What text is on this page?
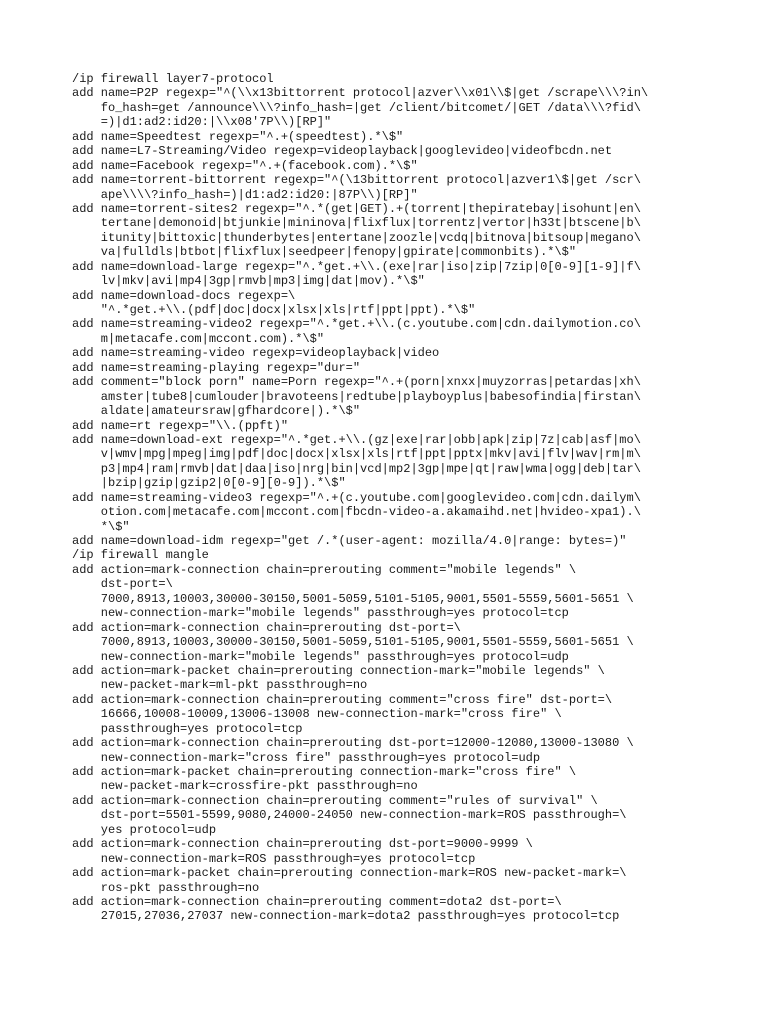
/ip firewall layer7-protocol
add name=P2P regexp="^(\\x13bittorrent protocol|azver\\x01\\$|get /scrape\\\?in\
fo_hash=get /announce\\\?info_hash=|get /client/bitcomet/|GET /data\\\?fid\
=)|d1:ad2:id20:|\\x08'7P\\)[RP]"
add name=Speedtest regexp="^.+(speedtest).*\$"
add name=L7-Streaming/Video regexp=videoplayback|googlevideo|videofbcdn.net
add name=Facebook regexp="^.+(facebook.com).*\$"
add name=torrent-bittorrent regexp="^(\13bittorrent protocol|azver1\$|get /scr\
ape\\\\?info_hash=)|d1:ad2:id20:|87P\\)[RP]"
add name=torrent-sites2 regexp="^.*(get|GET).+(torrent|thepiratebay|isohunt|en\
tertane|demonoid|btjunkie|mininova|flixflux|torrentz|vertor|h33t|btscene|b\
itunity|bittoxic|thunderbytes|entertane|zoozle|vcdq|bitnova|bitsoup|megano\
va|fulldls|btbot|flixflux|seedpeer|fenopy|gpirate|commonbits).*\$"
add name=download-large regexp="^.*get.+\\.(exe|rar|iso|zip|7zip|0[0-9][1-9]|f\
lv|mkv|avi|mp4|3gp|rmvb|mp3|img|dat|mov).*\$"
add name=download-docs regexp=\
"^.*get.+\\.(pdf|doc|docx|xlsx|xls|rtf|ppt|ppt).*\$"
add name=streaming-video2 regexp="^.*get.+\\.(c.youtube.com|cdn.dailymotion.co\
m|metacafe.com|mccont.com).*\$"
add name=streaming-video regexp=videoplayback|video
add name=streaming-playing regexp="dur="
add comment="block porn" name=Porn regexp="^.+(porn|xnxx|muyzorras|petardas|xh\
amster|tube8|cumlouder|bravoteens|redtube|playboyplus|babesofindia|firstan\
aldate|amateursraw|gfhardcore|).*\$"
add name=rt regexp="\\.(ppft)"
add name=download-ext regexp="^.*get.+\\.(gz|exe|rar|obb|apk|zip|7z|cab|asf|mo\
v|wmv|mpg|mpeg|img|pdf|doc|docx|xlsx|xls|rtf|ppt|pptx|mkv|avi|flv|wav|rm|m\
p3|mp4|ram|rmvb|dat|daa|iso|nrg|bin|vcd|mp2|3gp|mpe|qt|raw|wma|ogg|deb|tar\
|bzip|gzip|gzip2|0[0-9][0-9]).*\$"
add name=streaming-video3 regexp="^.+(c.youtube.com|googlevideo.com|cdn.dailym\
otion.com|metacafe.com|mccont.com|fbcdn-video-a.akamaihd.net|hvideo-xpa1).\
*\$"
add name=download-idm regexp="get /.*(user-agent: mozilla/4.0|range: bytes=)"
/ip firewall mangle
add action=mark-connection chain=prerouting comment="mobile legends" \
dst-port=\
7000,8913,10003,30000-30150,5001-5059,5101-5105,9001,5501-5559,5601-5651 \
new-connection-mark="mobile legends" passthrough=yes protocol=tcp
add action=mark-connection chain=prerouting dst-port=\
7000,8913,10003,30000-30150,5001-5059,5101-5105,9001,5501-5559,5601-5651 \
new-connection-mark="mobile legends" passthrough=yes protocol=udp
add action=mark-packet chain=prerouting connection-mark="mobile legends" \
new-packet-mark=ml-pkt passthrough=no
add action=mark-connection chain=prerouting comment="cross fire" dst-port=\
16666,10008-10009,13006-13008 new-connection-mark="cross fire" \
passthrough=yes protocol=tcp
add action=mark-connection chain=prerouting dst-port=12000-12080,13000-13080 \
new-connection-mark="cross fire" passthrough=yes protocol=udp
add action=mark-packet chain=prerouting connection-mark="cross fire" \
new-packet-mark=crossfire-pkt passthrough=no
add action=mark-connection chain=prerouting comment="rules of survival" \
dst-port=5501-5599,9080,24000-24050 new-connection-mark=ROS passthrough=\
yes protocol=udp
add action=mark-connection chain=prerouting dst-port=9000-9999 \
new-connection-mark=ROS passthrough=yes protocol=tcp
add action=mark-packet chain=prerouting connection-mark=ROS new-packet-mark=\
ros-pkt passthrough=no
add action=mark-connection chain=prerouting comment=dota2 dst-port=\
27015,27036,27037 new-connection-mark=dota2 passthrough=yes protocol=tcp
